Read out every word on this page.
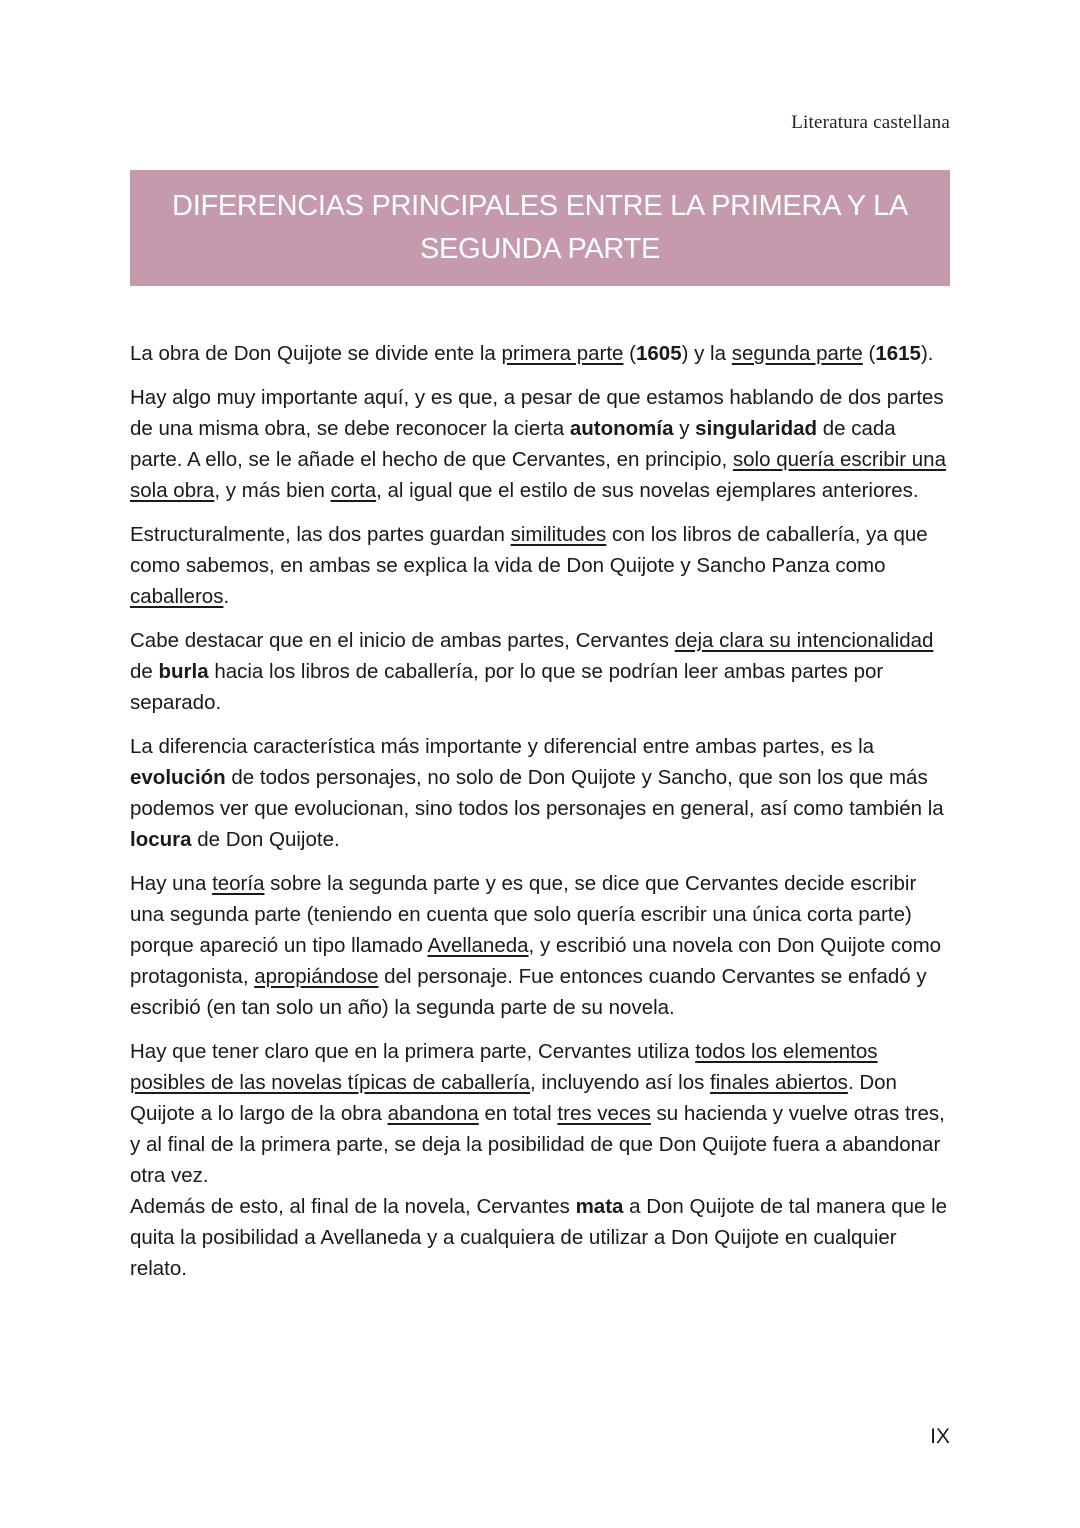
Literatura castellana
DIFERENCIAS PRINCIPALES ENTRE LA PRIMERA Y LA
SEGUNDA PARTE

La obra de Don Quijote se divide ente la primera parte (1605) y la segunda parte (1615).

Hay algo muy importante aquí, y es que, a pesar de que estamos hablando de dos partes de una misma obra, se debe reconocer la cierta autonomía y singularidad de cada parte. A ello, se le añade el hecho de que Cervantes, en principio, solo quería escribir una sola obra, y más bien corta, al igual que el estilo de sus novelas ejemplares anteriores.

Estructuralmente, las dos partes guardan similitudes con los libros de caballería, ya que como sabemos, en ambas se explica la vida de Don Quijote y Sancho Panza como caballeros.

Cabe destacar que en el inicio de ambas partes, Cervantes deja clara su intencionalidad de burla hacia los libros de caballería, por lo que se podrían leer ambas partes por separado.

La diferencia característica más importante y diferencial entre ambas partes, es la evolución de todos personajes, no solo de Don Quijote y Sancho, que son los que más podemos ver que evolucionan, sino todos los personajes en general, así como también la locura de Don Quijote.

Hay una teoría sobre la segunda parte y es que, se dice que Cervantes decide escribir una segunda parte (teniendo en cuenta que solo quería escribir una única corta parte) porque apareció un tipo llamado Avellaneda, y escribió una novela con Don Quijote como protagonista, apropiándose del personaje. Fue entonces cuando Cervantes se enfadó y escribió (en tan solo un año) la segunda parte de su novela.

Hay que tener claro que en la primera parte, Cervantes utiliza todos los elementos posibles de las novelas típicas de caballería, incluyendo así los finales abiertos. Don Quijote a lo largo de la obra abandona en total tres veces su hacienda y vuelve otras tres, y al final de la primera parte, se deja la posibilidad de que Don Quijote fuera a abandonar otra vez.

Además de esto, al final de la novela, Cervantes mata a Don Quijote de tal manera que le quita la posibilidad a Avellaneda y a cualquiera de utilizar a Don Quijote en cualquier relato.

IX
